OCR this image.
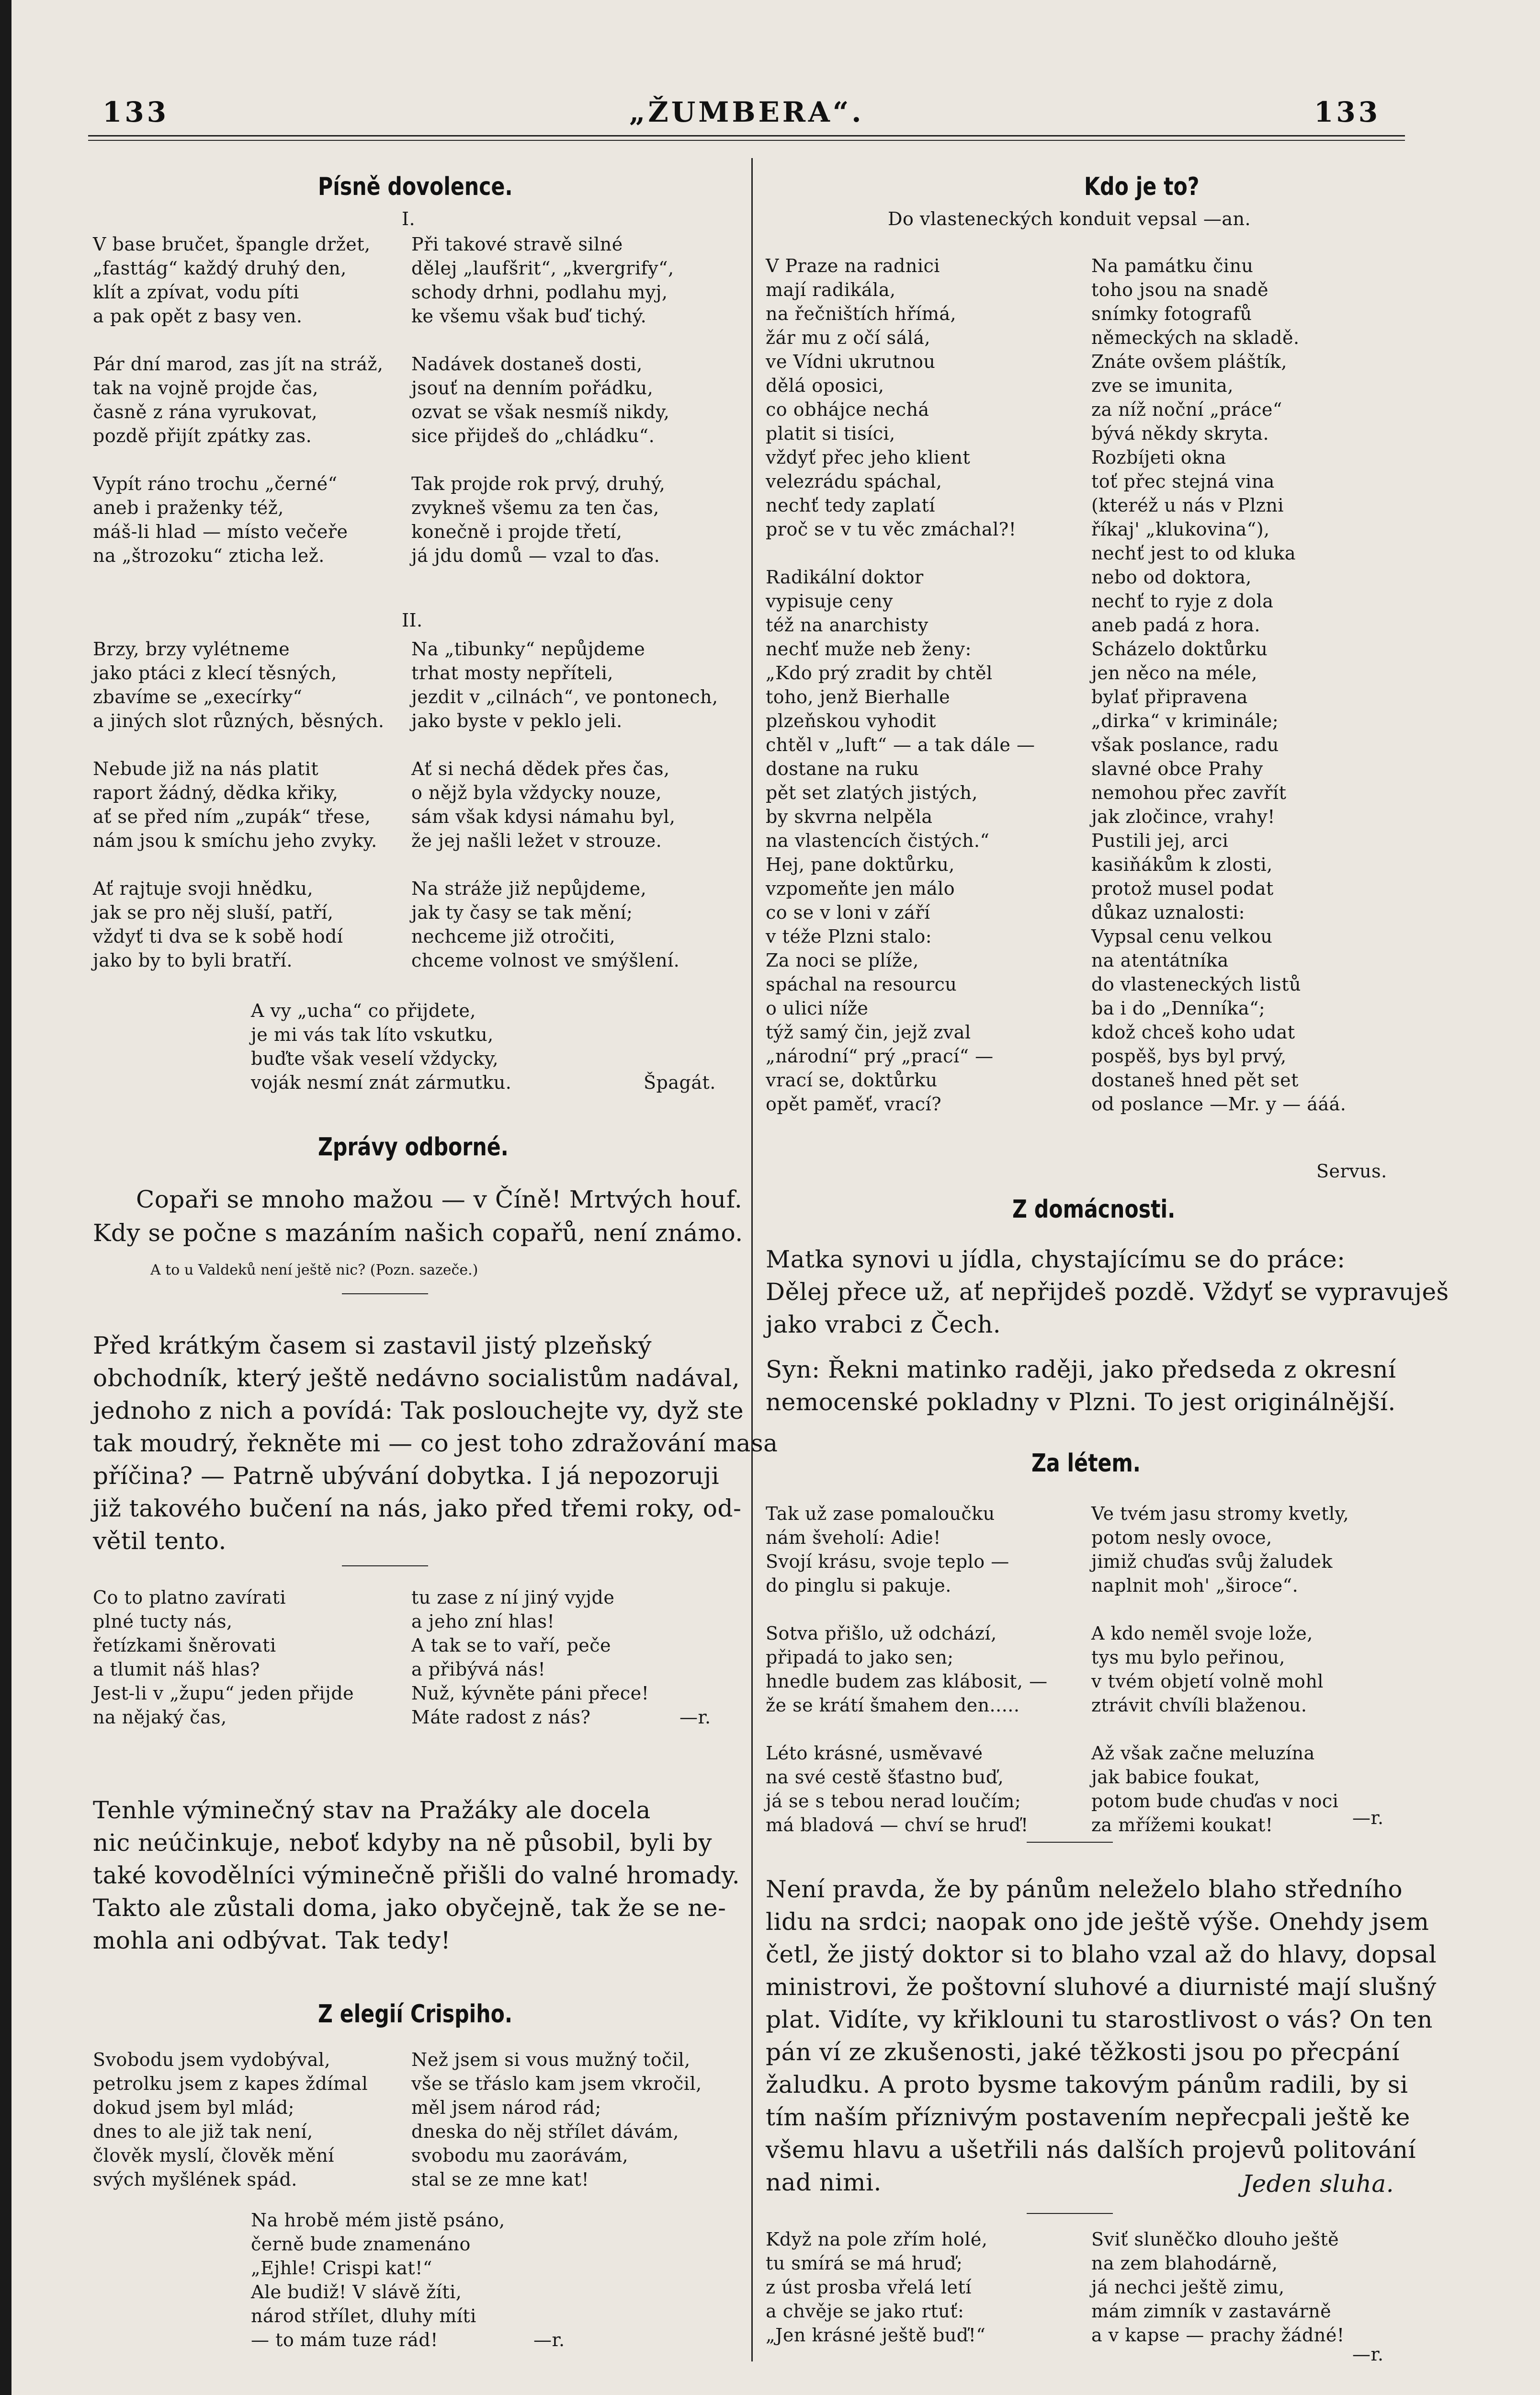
133	„ŽUMBERA“.	133
Písně dovolence.
I.
V base bručet, špangle držet,
„fasttág“ každý druhý den,
klít a zpívat, vodu píti
a pak opět z basy ven.

Pár dní marod, zas jít na stráž,
tak na vojně projde čas,
časně z rána vyrukovat,
pozdě přijít zpátky zas.

Vypít ráno trochu „černé“
aneb i praženky též,
máš-li hlad — místo večeře
na „štrozoku“ zticha lež.
Při takové stravě silné
dělej „laufšrit“, „kvergrify“,
schody drhni, podlahu myj,
ke všemu však buď tichý.

Nadávek dostaneš dosti,
jsouť na denním pořádku,
ozvat se však nesmíš nikdy,
sice přijdeš do „chládku“.

Tak projde rok prvý, druhý,
zvykneš všemu za ten čas,
konečně i projde třetí,
já jdu domů — vzal to ďas.
II.
Brzy, brzy vylétneme
jako ptáci z klecí těsných,
zbavíme se „execírky“
a jiných slot různých, běsných.

Nebude již na nás platit
raport žádný, dědka křiky,
ať se před ním „zupák“ třese,
nám jsou k smíchu jeho zvyky.

Ať rajtuje svoji hnědku,
jak se pro něj sluší, patří,
vždyť ti dva se k sobě hodí
jako by to byli bratří.
Na „tibunky“ nepůjdeme
trhat mosty nepříteli,
jezdit v „cilnách“, ve pontonech,
jako byste v peklo jeli.

Ať si nechá dědek přes čas,
o nějž byla vždycky nouze,
sám však kdysi námahu byl,
že jej našli ležet v strouze.

Na stráže již nepůjdeme,
jak ty časy se tak mění;
nechceme již otročiti,
chceme volnost ve smýšlení.
A vy „ucha“ co přijdete,
je mi vás tak líto vskutku,
buďte však veselí vždycky,
voják nesmí znát zármutku.	Špagát.
Zprávy odborné.
Copaři se mnoho mažou — v Číně! Mrtvých houf.
Kdy se počne s mazáním našich copařů, není známo.
A to u Valdeků není ještě nic? (Pozn. sazeče.)
Před krátkým časem si zastavil jistý plzeňský
obchodník, který ještě nedávno socialistům nadával,
jednoho z nich a povídá: Tak poslouchejte vy, dyž ste
tak moudrý, řekněte mi — co jest toho zdražování masa
příčina? — Patrně ubývání dobytka. I já nepozoruji
již takového bučení na nás, jako před třemi roky, od-
větil tento.
Co to platno zavírati
plné tucty nás,
řetízkami šněrovati
a tlumit náš hlas?
Jest-li v „župu“ jeden přijde
na nějaký čas,
tu zase z ní jiný vyjde
a jeho zní hlas!
A tak se to vaří, peče
a přibývá nás!
Nuž, kývněte páni přece!
Máte radost z nás?	—r.
Tenhle výminečný stav na Pražáky ale docela
nic neúčinkuje, neboť kdyby na ně působil, byli by
také kovodělníci výminečně přišli do valné hromady.
Takto ale zůstali doma, jako obyčejně, tak že se ne-
mohla ani odbývat. Tak tedy!
Z elegií Crispiho.
Svobodu jsem vydobýval,
petrolku jsem z kapes ždímal
dokud jsem byl mlád;
dnes to ale již tak není,
člověk myslí, člověk mění
svých myšlének spád.
Než jsem si vous mužný točil,
vše se třáslo kam jsem vkročil,
měl jsem národ rád;
dneska do něj střílet dávám,
svobodu mu zaorávám,
stal se ze mne kat!
Na hrobě mém jistě psáno,
černě bude znamenáno
„Ejhle! Crispi kat!“
Ale budiž! V slávě žíti,
národ střílet, dluhy míti
— to mám tuze rád!	—r.
Kdo je to?
Do vlasteneckých konduit vepsal —an.
V Praze na radnici
mají radikála,
na řečništích hřímá,
žár mu z očí sálá,
ve Vídni ukrutnou
dělá oposici,
co obhájce nechá
platit si tisíci,
vždyť přec jeho klient
velezrádu spáchal,
nechť tedy zaplatí
proč se v tu věc zmáchal?!

Radikální doktor
vypisuje ceny
též na anarchisty
nechť muže neb ženy:
„Kdo prý zradit by chtěl
toho, jenž Bierhalle
plzeňskou vyhodit
chtěl v „luft“ — a tak dále —
dostane na ruku
pět set zlatých jistých,
by skvrna nelpěla
na vlastencích čistých.“
Hej, pane doktůrku,
vzpomeňte jen málo
co se v loni v září
v téže Plzni stalo:
Za noci se plíže,
spáchal na resourcu
o ulici níže
týž samý čin, jejž zval
„národní“ prý „prací“ —
vrací se, doktůrku
opět paměť, vrací?
Na památku činu
toho jsou na snadě
snímky fotografů
německých na skladě.
Znáte ovšem pláštík,
zve se imunita,
za níž noční „práce“
bývá někdy skryta.
Rozbíjeti okna
toť přec stejná vina
(kteréž u nás v Plzni
říkaj' „klukovina“),
nechť jest to od kluka
nebo od doktora,
nechť to ryje z dola
aneb padá z hora.
Scházelo doktůrku
jen něco na méle,
bylať připravena
„dirka“ v kriminále;
však poslance, radu
slavné obce Prahy
nemohou přec zavřít
jak zločince, vrahy!
Pustili jej, arci
kasiňákům k zlosti,
protož musel podat
důkaz uznalosti:
Vypsal cenu velkou
na atentátníka
do vlasteneckých listů
ba i do „Denníka“;
kdož chceš koho udat
pospěš, bys byl prvý,
dostaneš hned pět set
od poslance —Mr. y — ááá.
Servus.
Z domácnosti.
Matka synovi u jídla, chystajícímu se do práce:
Dělej přece už, ať nepřijdeš pozdě. Vždyť se vypravuješ
jako vrabci z Čech.
Syn: Řekni matinko raději, jako předseda z okresní
nemocenské pokladny v Plzni. To jest originálnější.
Za létem.
Tak už zase pomaloučku
nám šveholí: Adie!
Svojí krásu, svoje teplo —
do pinglu si pakuje.

Sotva přišlo, už odchází,
připadá to jako sen;
hnedle budem zas klábosit, —
že se krátí šmahem den.....

Léto krásné, usměvavé
na své cestě šťastno buď,
já se s tebou nerad loučím;
má bladová — chví se hruď!
Ve tvém jasu stromy kvetly,
potom nesly ovoce,
jimiž chuďas svůj žaludek
naplnit moh' „široce“.

A kdo neměl svoje lože,
tys mu bylo peřinou,
v tvém objetí volně mohl
ztrávit chvíli blaženou.

Až však začne meluzína
jak babice foukat,
potom bude chuďas v noci
za mřížemi koukat!	—r.
Není pravda, že by pánům neleželo blaho středního
lidu na srdci; naopak ono jde ještě výše. Onehdy jsem
četl, že jistý doktor si to blaho vzal až do hlavy, dopsal
ministrovi, že poštovní sluhové a diurnisté mají slušný
plat. Vidíte, vy křiklouni tu starostlivost o vás? On ten
pán ví ze zkušenosti, jaké těžkosti jsou po přecpání
žaludku. A proto bysme takovým pánům radili, by si
tím naším příznivým postavením nepřecpali ještě ke
všemu hlavu a ušetřili nás dalších projevů politování
nad nimi.	Jeden sluha.
Když na pole zřím holé,
tu smírá se má hruď;
z úst prosba vřelá letí
a chvěje se jako rtuť:
„Jen krásné ještě buď!“
Sviť sluněčko dlouho ještě
na zem blahodárně,
já nechci ještě zimu,
mám zimník v zastavárně
a v kapse — prachy žádné!
—r.
